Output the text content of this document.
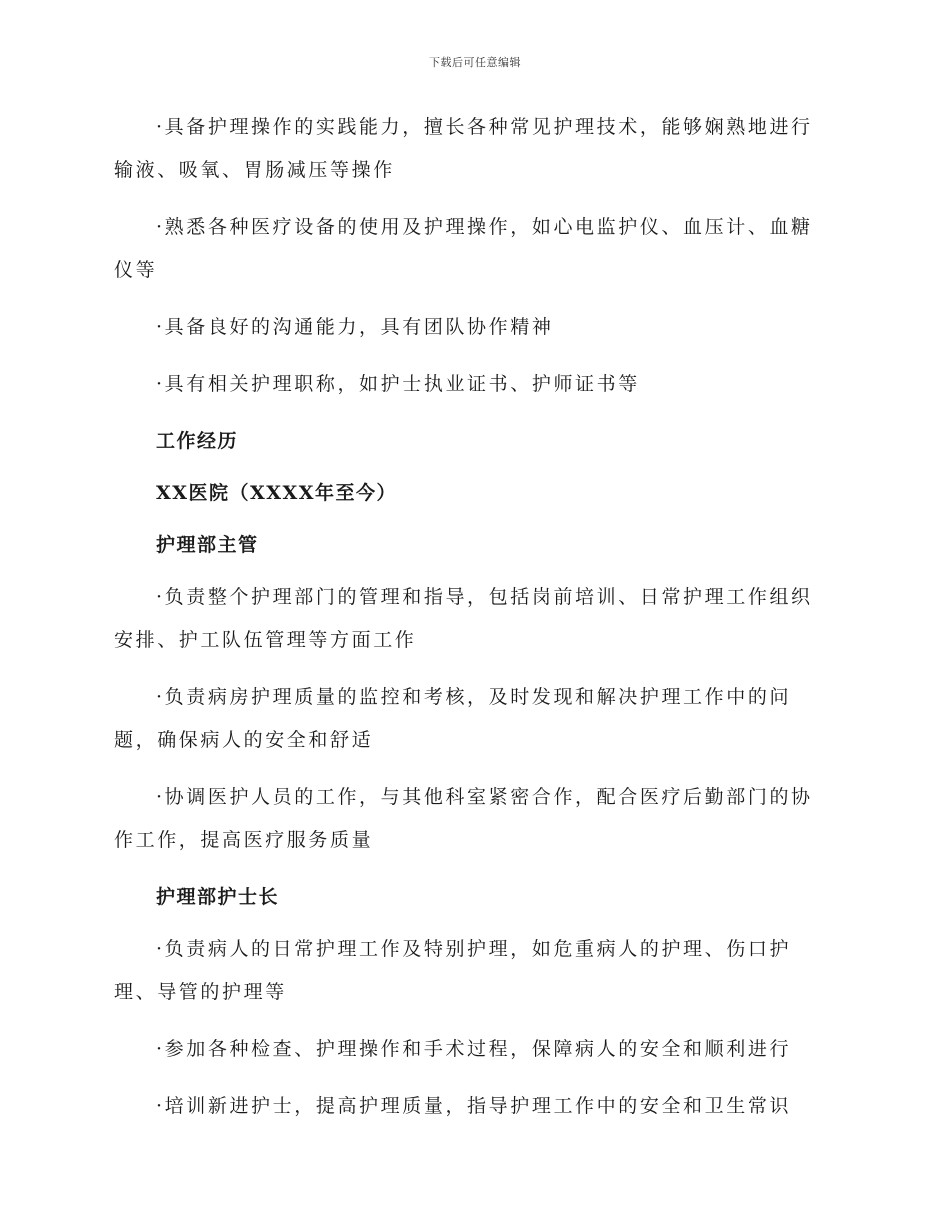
下载后可任意编辑

·具备护理操作的实践能力，擅长各种常见护理技术，能够娴熟地进行输液、吸氧、胃肠减压等操作

·熟悉各种医疗设备的使用及护理操作，如心电监护仪、血压计、血糖仪等

·具备良好的沟通能力，具有团队协作精神

·具有相关护理职称，如护士执业证书、护师证书等

工作经历

XX医院（XXXX年至今）

护理部主管

·负责整个护理部门的管理和指导，包括岗前培训、日常护理工作组织安排、护工队伍管理等方面工作

·负责病房护理质量的监控和考核，及时发现和解决护理工作中的问题，确保病人的安全和舒适

·协调医护人员的工作，与其他科室紧密合作，配合医疗后勤部门的协作工作，提高医疗服务质量

护理部护士长

·负责病人的日常护理工作及特别护理，如危重病人的护理、伤口护理、导管的护理等

·参加各种检查、护理操作和手术过程，保障病人的安全和顺利进行

·培训新进护士，提高护理质量，指导护理工作中的安全和卫生常识
